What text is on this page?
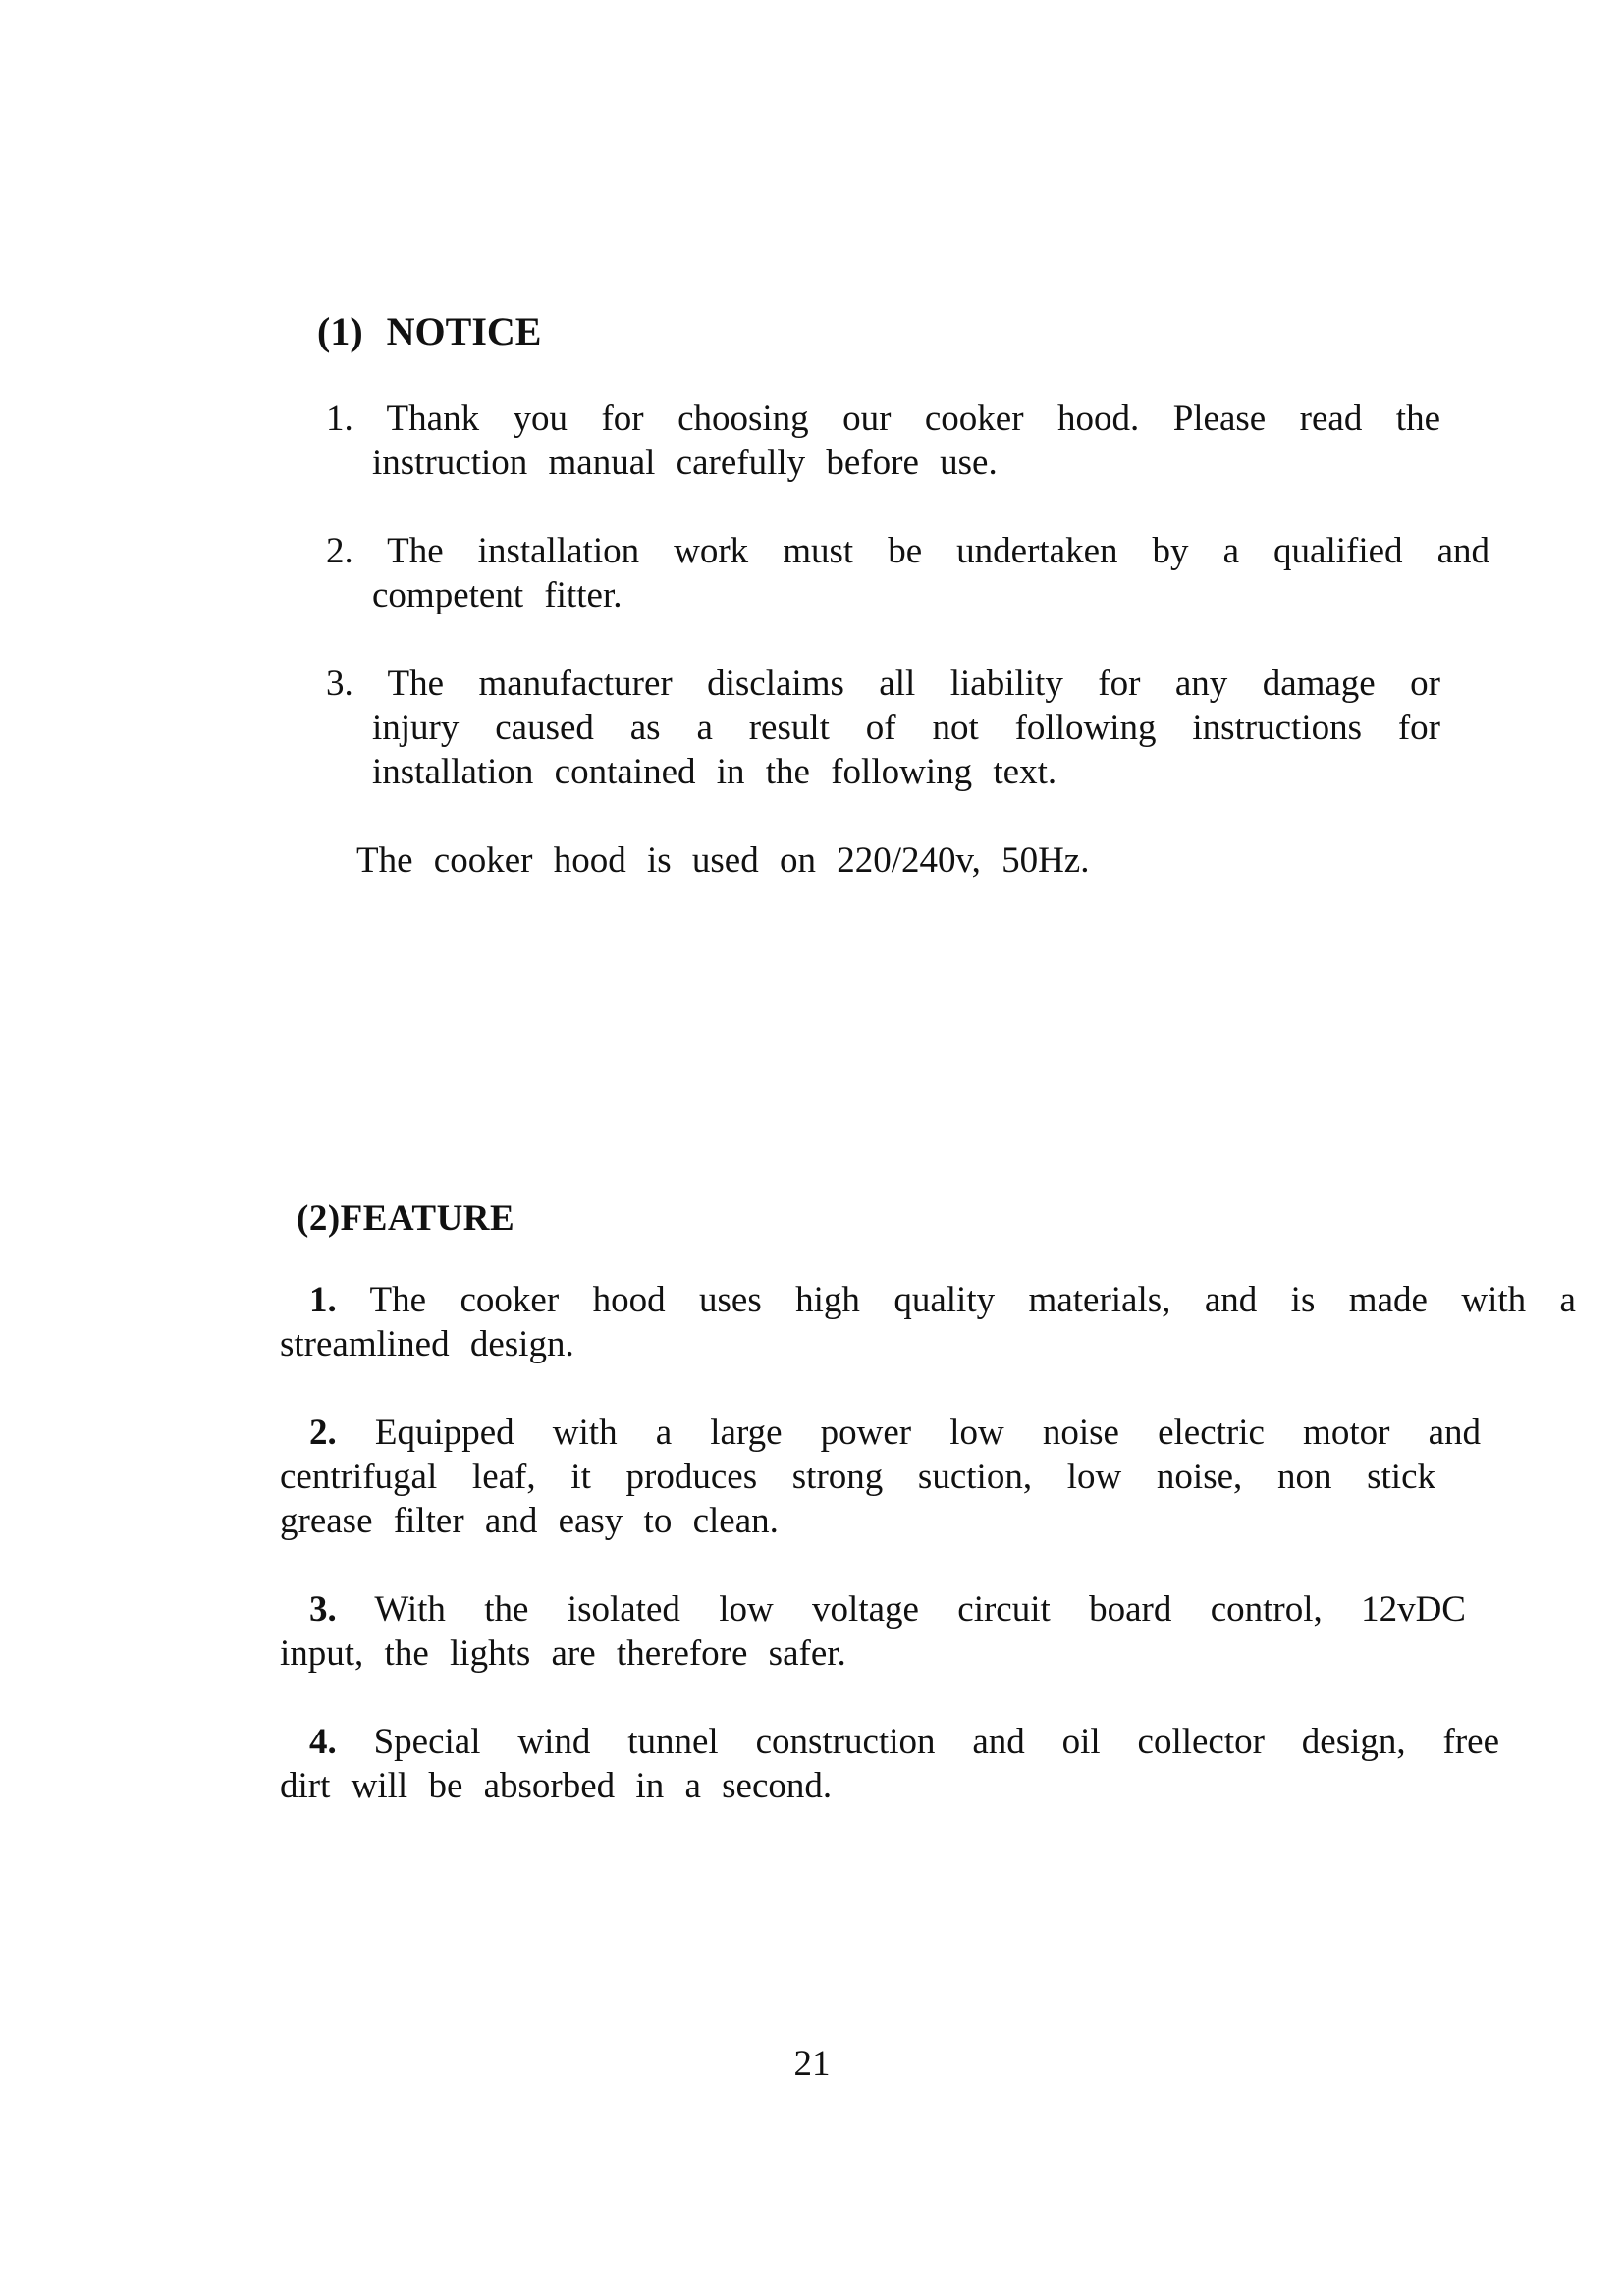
(1) NOTICE
1. Thank you for choosing our cooker hood. Please read the
instruction manual carefully before use.
2. The installation work must be undertaken by a qualified and
competent fitter.
3. The manufacturer disclaims all liability for any damage or
injury caused as a result of not following instructions for
installation contained in the following text.
The cooker hood is used on 220/240v, 50Hz.
(2)FEATURE
1. The cooker hood uses high quality materials, and is made with a
streamlined design.
2. Equipped with a large power low noise electric motor and
centrifugal leaf, it produces strong suction, low noise, non stick
grease filter and easy to clean.
3. With the isolated low voltage circuit board control, 12vDC
input, the lights are therefore safer.
4. Special wind tunnel construction and oil collector design, free
dirt will be absorbed in a second.
21
